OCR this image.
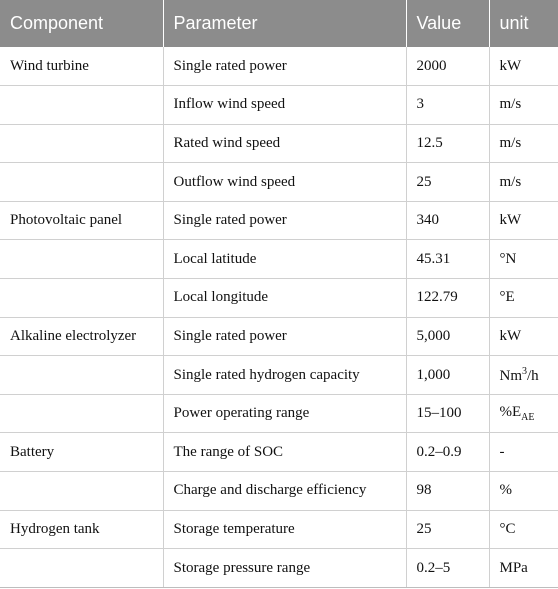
Component	Parameter	Value	unit
Wind turbine	Single rated power	2000	kW
	Inflow wind speed	3	m/s
	Rated wind speed	12.5	m/s
	Outflow wind speed	25	m/s
Photovoltaic panel	Single rated power	340	kW
	Local latitude	45.31	°N
	Local longitude	122.79	°E
Alkaline electrolyzer	Single rated power	5,000	kW
	Single rated hydrogen capacity	1,000	Nm$^3$/h
	Power operating range	15–100	$\%E_{AE}$
Battery	The range of SOC	0.2–0.9	-
	Charge and discharge efficiency	98	%
Hydrogen tank	Storage temperature	25	°C
	Storage pressure range	0.2–5	MPa
